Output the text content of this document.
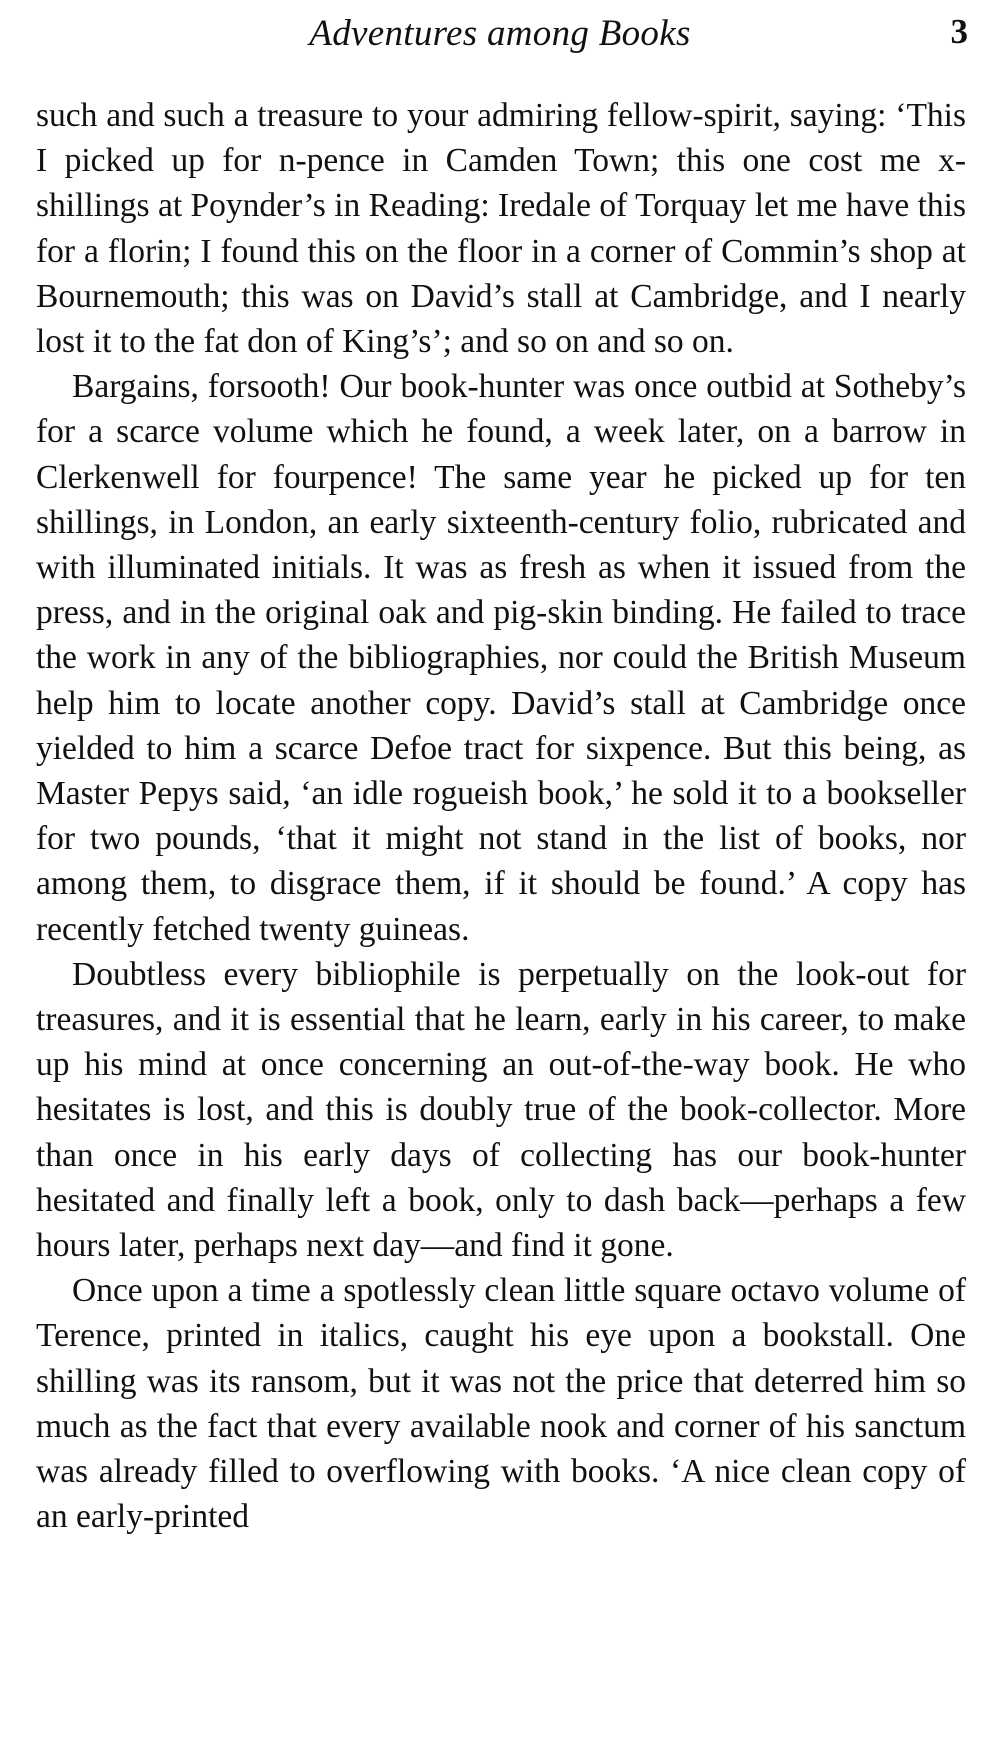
Adventures among Books	3

such and such a treasure to your admiring fellow-spirit, saying: ‘This I picked up for n-pence in Camden Town; this one cost me x-shillings at Poynder’s in Reading: Iredale of Torquay let me have this for a florin; I found this on the floor in a corner of Commin’s shop at Bournemouth; this was on David’s stall at Cambridge, and I nearly lost it to the fat don of King’s’; and so on and so on.

Bargains, forsooth! Our book-hunter was once outbid at Sotheby’s for a scarce volume which he found, a week later, on a barrow in Clerkenwell for fourpence! The same year he picked up for ten shillings, in London, an early sixteenth-century folio, rubricated and with illuminated initials. It was as fresh as when it issued from the press, and in the original oak and pig-skin binding. He failed to trace the work in any of the bibliographies, nor could the British Museum help him to locate another copy. David’s stall at Cambridge once yielded to him a scarce Defoe tract for sixpence. But this being, as Master Pepys said, ‘an idle rogueish book,’ he sold it to a bookseller for two pounds, ‘that it might not stand in the list of books, nor among them, to disgrace them, if it should be found.’ A copy has recently fetched twenty guineas.

Doubtless every bibliophile is perpetually on the look-out for treasures, and it is essential that he learn, early in his career, to make up his mind at once concerning an out-of-the-way book. He who hesitates is lost, and this is doubly true of the book-collector. More than once in his early days of collecting has our book-hunter hesitated and finally left a book, only to dash back—perhaps a few hours later, perhaps next day—and find it gone.

Once upon a time a spotlessly clean little square octavo volume of Terence, printed in italics, caught his eye upon a bookstall. One shilling was its ransom, but it was not the price that deterred him so much as the fact that every available nook and corner of his sanctum was already filled to overflowing with books. ‘A nice clean copy of an early-printed
